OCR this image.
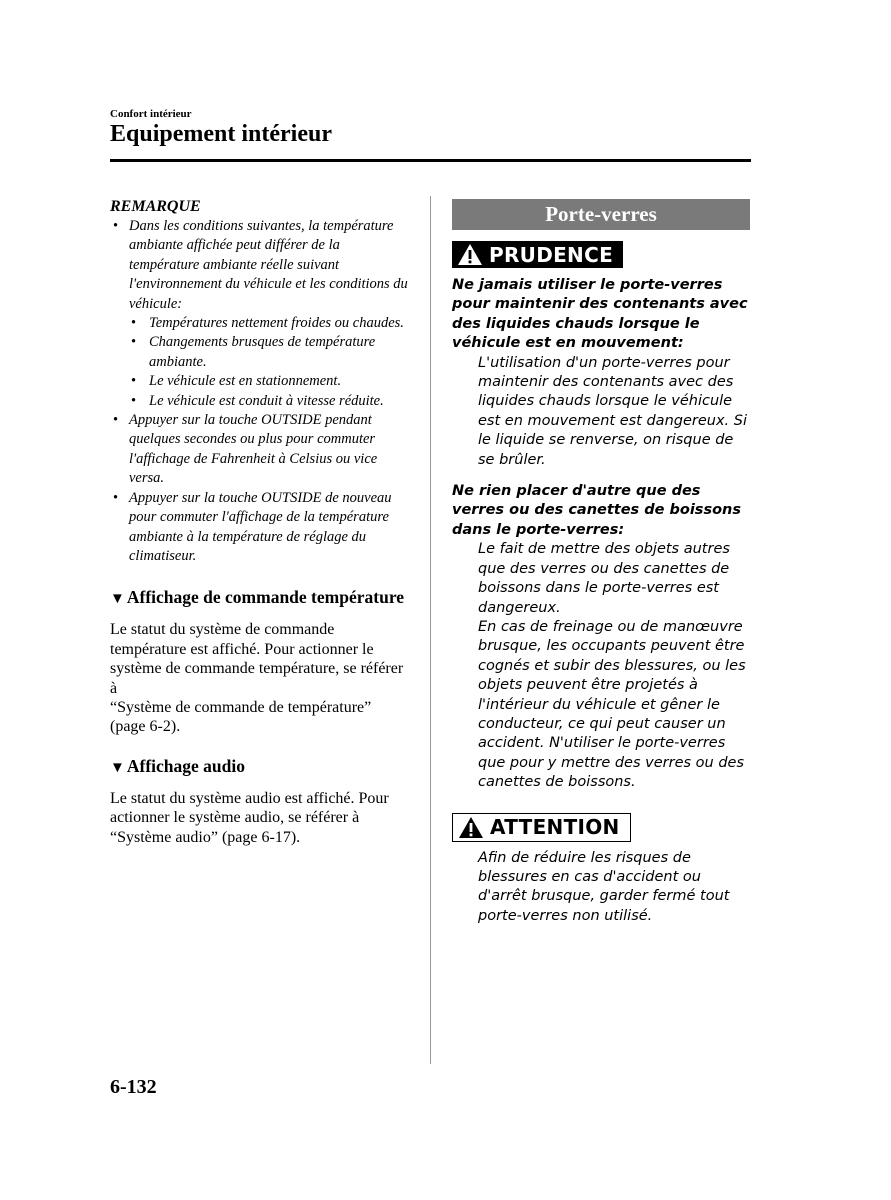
Confort intérieur
Equipement intérieur
REMARQUE
• Dans les conditions suivantes, la température ambiante affichée peut différer de la température ambiante réelle suivant l'environnement du véhicule et les conditions du véhicule:
• Températures nettement froides ou chaudes.
• Changements brusques de température ambiante.
• Le véhicule est en stationnement.
• Le véhicule est conduit à vitesse réduite.
• Appuyer sur la touche OUTSIDE pendant quelques secondes ou plus pour commuter l'affichage de Fahrenheit à Celsius ou vice versa.
• Appuyer sur la touche OUTSIDE de nouveau pour commuter l'affichage de la température ambiante à la température de réglage du climatiseur.
▼ Affichage de commande température
Le statut du système de commande température est affiché. Pour actionner le système de commande température, se référer à
“Système de commande de température” (page 6-2).
▼ Affichage audio
Le statut du système audio est affiché. Pour actionner le système audio, se référer à “Système audio” (page 6-17).
Porte-verres
PRUDENCE
Ne jamais utiliser le porte-verres pour maintenir des contenants avec des liquides chauds lorsque le véhicule est en mouvement:
L'utilisation d'un porte-verres pour maintenir des contenants avec des liquides chauds lorsque le véhicule est en mouvement est dangereux. Si le liquide se renverse, on risque de se brûler.
Ne rien placer d'autre que des verres ou des canettes de boissons dans le porte-verres:
Le fait de mettre des objets autres que des verres ou des canettes de boissons dans le porte-verres est dangereux.
En cas de freinage ou de manœuvre brusque, les occupants peuvent être cognés et subir des blessures, ou les objets peuvent être projetés à l'intérieur du véhicule et gêner le conducteur, ce qui peut causer un accident. N'utiliser le porte-verres que pour y mettre des verres ou des canettes de boissons.
ATTENTION
Afin de réduire les risques de blessures en cas d'accident ou d'arrêt brusque, garder fermé tout porte-verres non utilisé.
6-132
